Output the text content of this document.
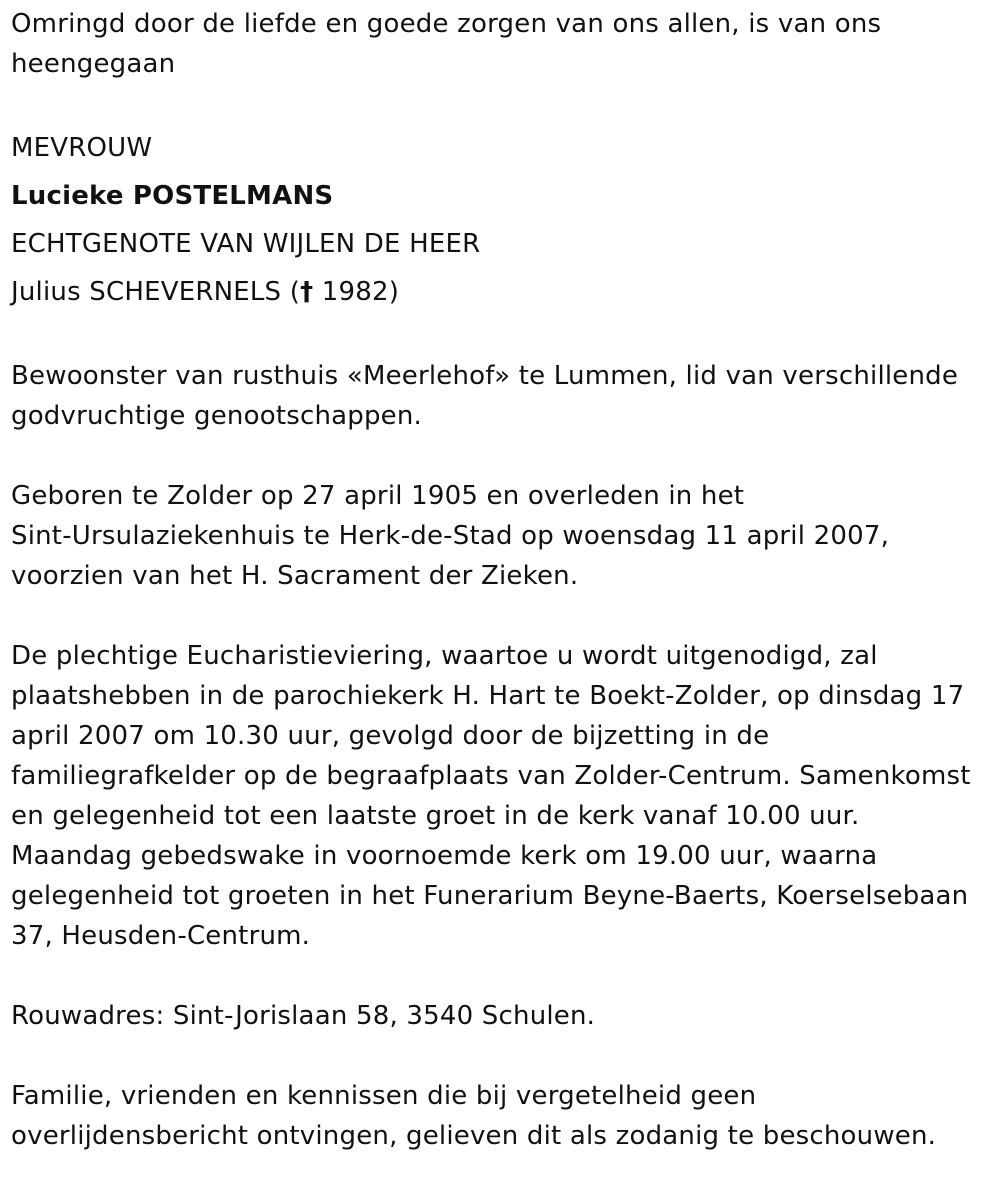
Omringd door de liefde en goede zorgen van ons allen, is van ons
heengegaan
MEVROUW
Lucieke POSTELMANS
ECHTGENOTE VAN WIJLEN DE HEER
Julius SCHEVERNELS († 1982)
Bewoonster van rusthuis «Meerlehof» te Lummen, lid van verschillende
godvruchtige genootschappen.
Geboren te Zolder op 27 april 1905 en overleden in het
Sint-Ursulaziekenhuis te Herk-de-Stad op woensdag 11 april 2007,
voorzien van het H. Sacrament der Zieken.
De plechtige Eucharistieviering, waartoe u wordt uitgenodigd, zal
plaatshebben in de parochiekerk H. Hart te Boekt-Zolder, op dinsdag 17
april 2007 om 10.30 uur, gevolgd door de bijzetting in de
familiegrafkelder op de begraafplaats van Zolder-Centrum. Samenkomst
en gelegenheid tot een laatste groet in de kerk vanaf 10.00 uur.
Maandag gebedswake in voornoemde kerk om 19.00 uur, waarna
gelegenheid tot groeten in het Funerarium Beyne-Baerts, Koerselsebaan
37, Heusden-Centrum.
Rouwadres: Sint-Jorislaan 58, 3540 Schulen.
Familie, vrienden en kennissen die bij vergetelheid geen
overlijdensbericht ontvingen, gelieven dit als zodanig te beschouwen.
